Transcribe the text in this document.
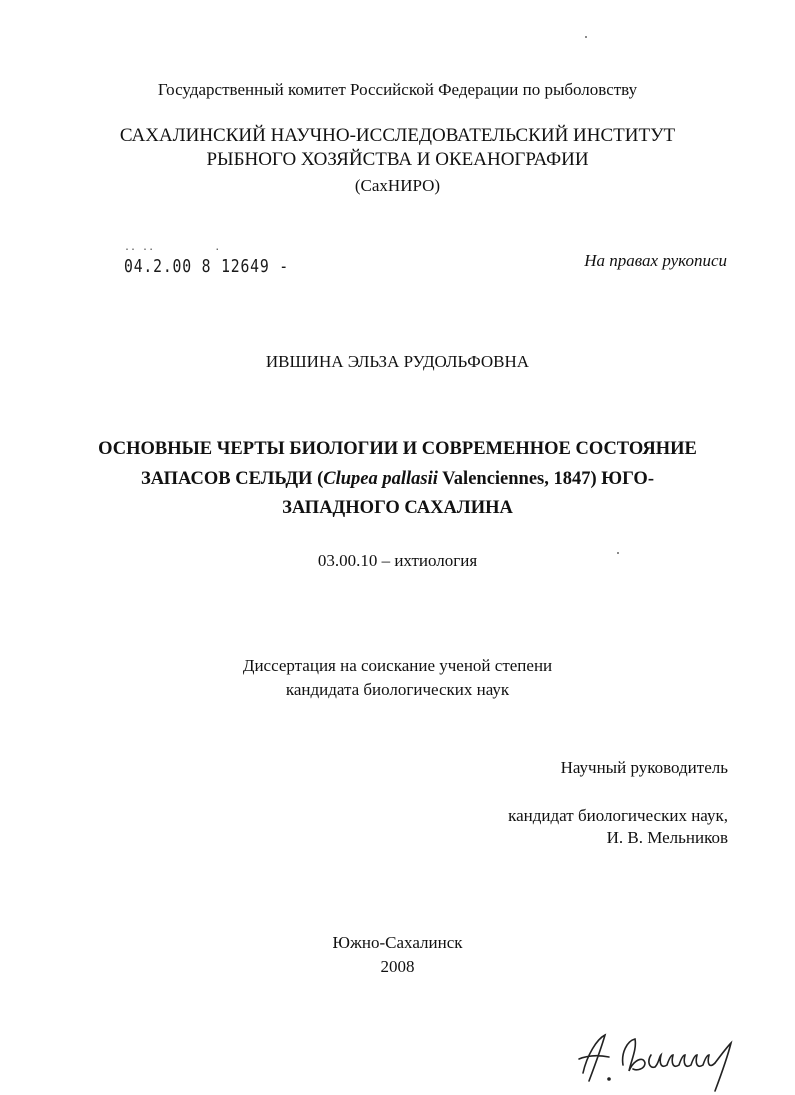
Государственный комитет Российской Федерации по рыболовству
САХАЛИНСКИЙ НАУЧНО-ИССЛЕДОВАТЕЛЬСКИЙ ИНСТИТУТ
РЫБНОГО ХОЗЯЙСТВА И ОКЕАНОГРАФИИ
(СахНИРО)
.. ..          .
04.2.00 8 12649 -	На правах рукописи
ИВШИНА ЭЛЬЗА РУДОЛЬФОВНА
ОСНОВНЫЕ ЧЕРТЫ БИОЛОГИИ И СОВРЕМЕННОЕ СОСТОЯНИЕ
ЗАПАСОВ СЕЛЬДИ (Clupea pallasii Valenciennes, 1847) ЮГО-
ЗАПАДНОГО САХАЛИНА
03.00.10 – ихтиология
Диссертация на соискание ученой степени
кандидата биологических наук
Научный руководитель
кандидат биологических наук,
И. В. Мельников
Южно-Сахалинск
2008
